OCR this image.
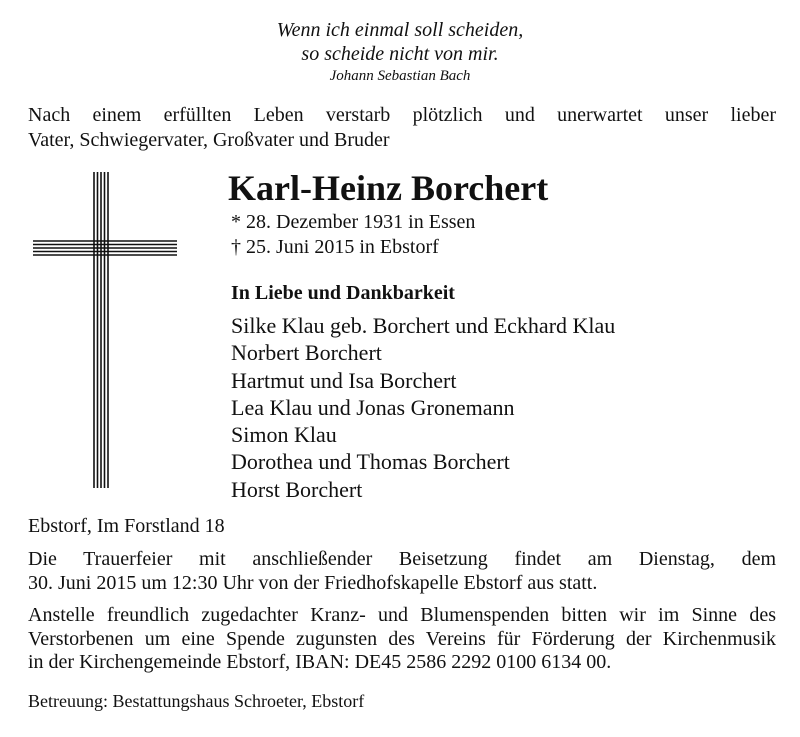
Wenn ich einmal soll scheiden,
so scheide nicht von mir.
Johann Sebastian Bach
Nach einem erfüllten Leben verstarb plötzlich und unerwartet unser lieber
Vater, Schwiegervater, Großvater und Bruder
Karl-Heinz Borchert
* 28. Dezember 1931 in Essen
† 25. Juni 2015 in Ebstorf
In Liebe und Dankbarkeit
Silke Klau geb. Borchert und Eckhard Klau
Norbert Borchert
Hartmut und Isa Borchert
Lea Klau und Jonas Gronemann
Simon Klau
Dorothea und Thomas Borchert
Horst Borchert
Ebstorf, Im Forstland 18
Die Trauerfeier mit anschließender Beisetzung findet am Dienstag, dem
30. Juni 2015 um 12:30 Uhr von der Friedhofskapelle Ebstorf aus statt.
Anstelle freundlich zugedachter Kranz- und Blumenspenden bitten wir im Sinne des
Verstorbenen um eine Spende zugunsten des Vereins für Förderung der Kirchenmusik
in der Kirchengemeinde Ebstorf, IBAN: DE45 2586 2292 0100 6134 00.
Betreuung: Bestattungshaus Schroeter, Ebstorf
